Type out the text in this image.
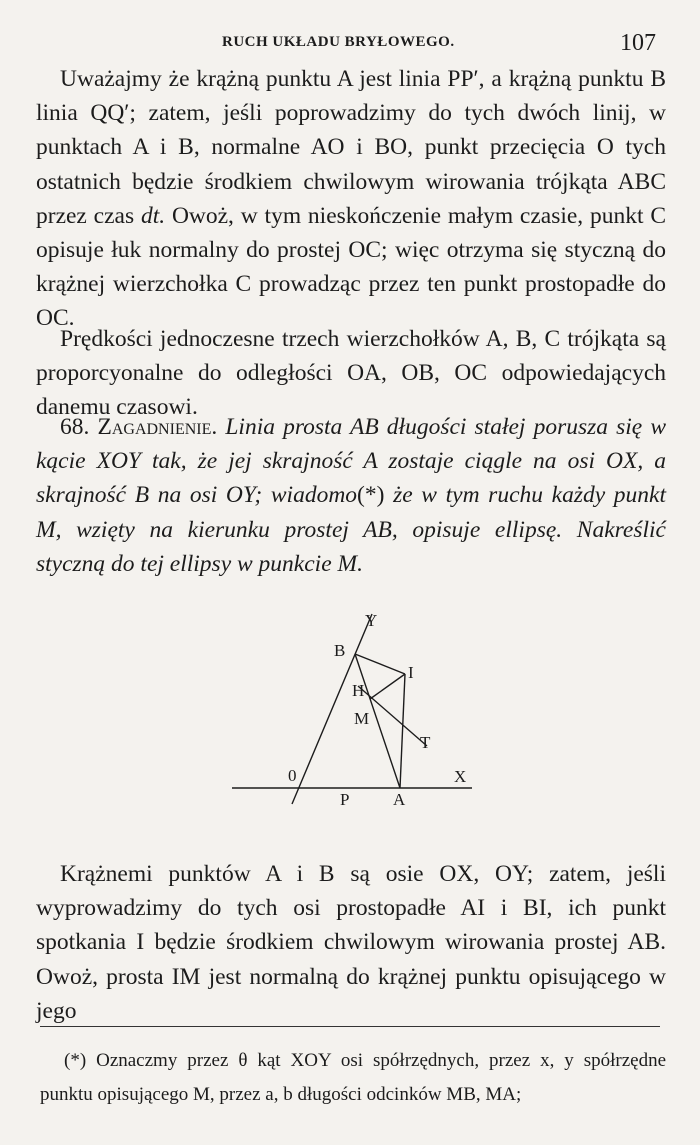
RUCH UKŁADU BRYŁOWEGO.	107
Uważajmy że krążną punktu A jest linia PP′, a krążną punktu B linia QQ′; zatem, jeśli poprowadzimy do tych dwóch linij, w punktach A i B, normalne AO i BO, punkt przecięcia O tych ostatnich będzie środkiem chwilowym wirowania trójkąta ABC przez czas dt. Owoż, w tym nieskończenie małym czasie, punkt C opisuje łuk normalny do prostej OC; więc otrzyma się styczną do krążnej wierzchołka C prowadząc przez ten punkt prostopadłe do OC.
Prędkości jednoczesne trzech wierzchołków A, B, C trójkąta są proporcyonalne do odległości OA, OB, OC odpowiedających danemu czasowi.
68. Zagadnienie. Linia prosta AB długości stałej porusza się w kącie XOY tak, że jej skrajność A zostaje ciągle na osi OX, a skrajność B na osi OY; wiadomo(*) że w tym ruchu każdy punkt M, wzięty na kierunku prostej AB, opisuje ellipsę. Nakreślić styczną do tej ellipsy w punkcie M.
Y
B
I
H
M
T
0	X
P	A
Krążnemi punktów A i B są osie OX, OY; zatem, jeśli wyprowadzimy do tych osi prostopadłe AI i BI, ich punkt spotkania I będzie środkiem chwilowym wirowania prostej AB. Owoż, prosta IM jest normalną do krążnej punktu opisującego w jego
(*) Oznaczmy przez θ kąt XOY osi spółrzędnych, przez x, y spółrzędne punktu opisującego M, przez a, b długości odcinków MB, MA;
